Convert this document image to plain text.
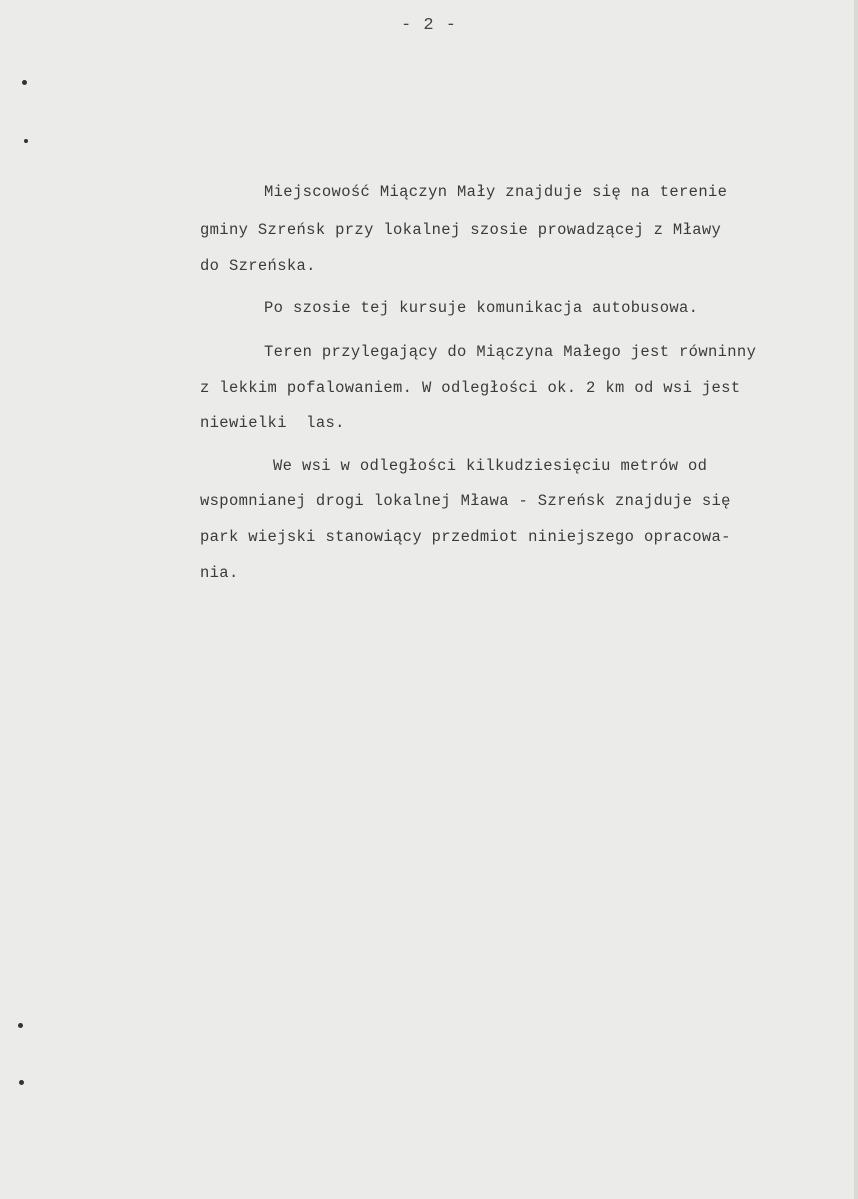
- 2 -
Miejscowość Miączyn Mały znajduje się na terenie
gminy Szreńsk przy lokalnej szosie prowadzącej z Mławy
do Szreńska.
Po szosie tej kursuje komunikacja autobusowa.
Teren przylegający do Miączyna Małego jest równinny
z lekkim pofalowaniem. W odległości ok. 2 km od wsi jest
niewielki  las.
We wsi w odległości kilkudziesięciu metrów od
wspomnianej drogi lokalnej Mława - Szreńsk znajduje się
park wiejski stanowiący przedmiot niniejszego opracowa-
nia.
